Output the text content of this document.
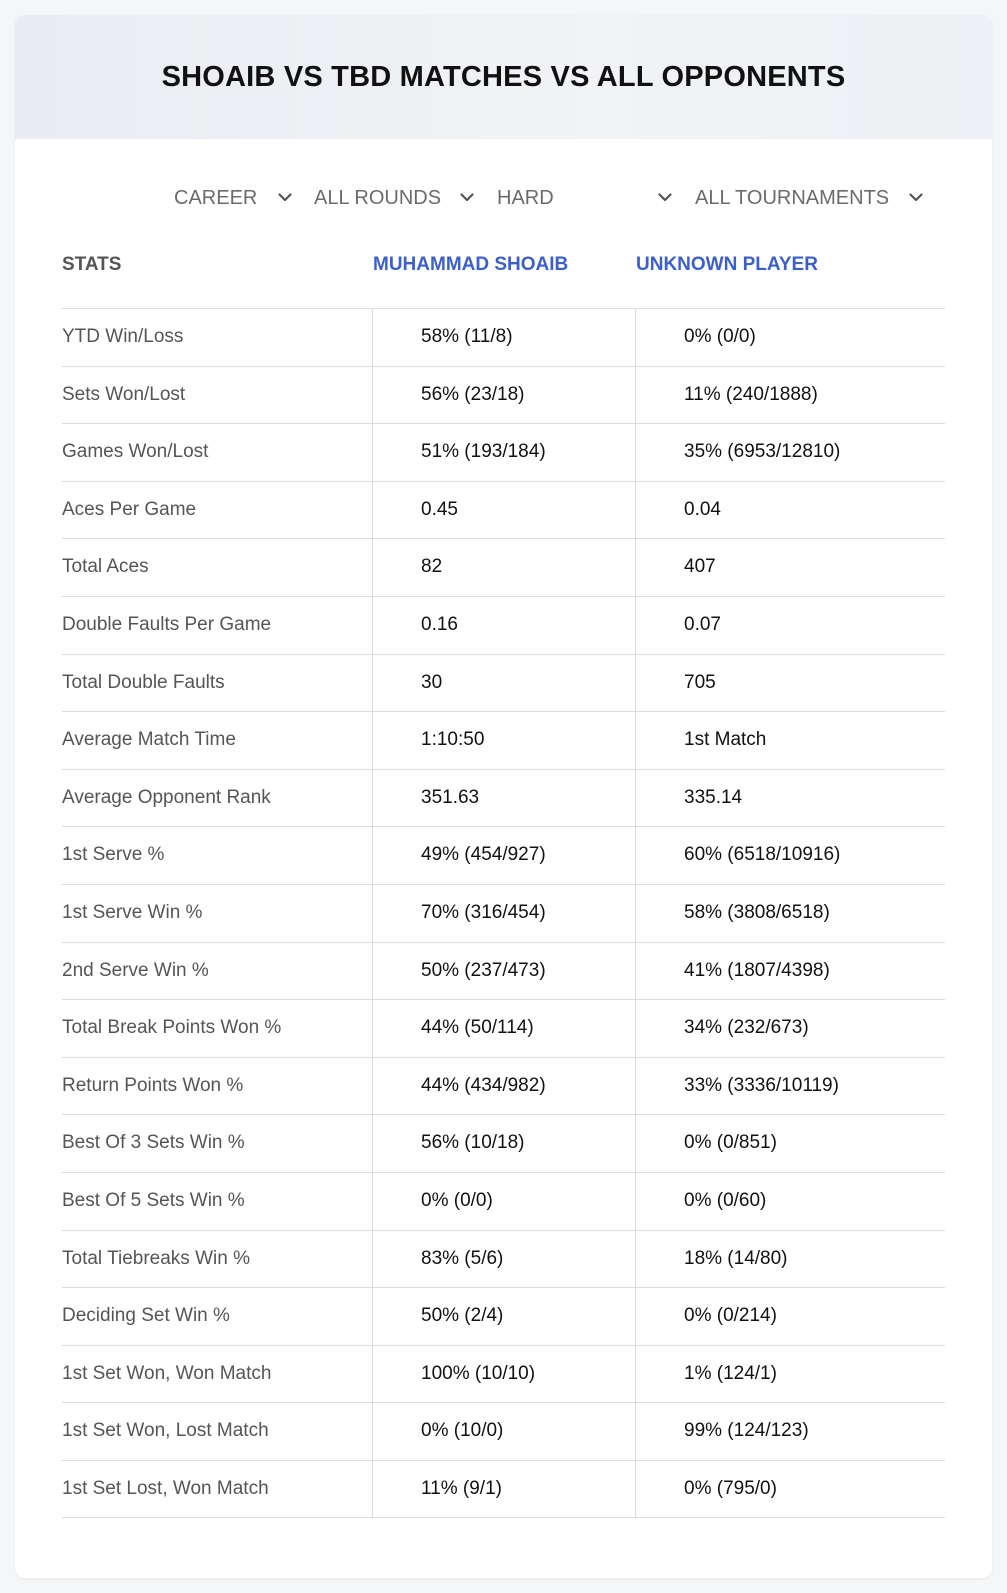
SHOAIB VS TBD MATCHES VS ALL OPPONENTS
CAREER	ALL ROUNDS	HARD	ALL TOURNAMENTS
STATS	MUHAMMAD SHOAIB	UNKNOWN PLAYER
YTD Win/Loss	58% (11/8)	0% (0/0)
Sets Won/Lost	56% (23/18)	11% (240/1888)
Games Won/Lost	51% (193/184)	35% (6953/12810)
Aces Per Game	0.45	0.04
Total Aces	82	407
Double Faults Per Game	0.16	0.07
Total Double Faults	30	705
Average Match Time	1:10:50	1st Match
Average Opponent Rank	351.63	335.14
1st Serve %	49% (454/927)	60% (6518/10916)
1st Serve Win %	70% (316/454)	58% (3808/6518)
2nd Serve Win %	50% (237/473)	41% (1807/4398)
Total Break Points Won %	44% (50/114)	34% (232/673)
Return Points Won %	44% (434/982)	33% (3336/10119)
Best Of 3 Sets Win %	56% (10/18)	0% (0/851)
Best Of 5 Sets Win %	0% (0/0)	0% (0/60)
Total Tiebreaks Win %	83% (5/6)	18% (14/80)
Deciding Set Win %	50% (2/4)	0% (0/214)
1st Set Won, Won Match	100% (10/10)	1% (124/1)
1st Set Won, Lost Match	0% (10/0)	99% (124/123)
1st Set Lost, Won Match	11% (9/1)	0% (795/0)
